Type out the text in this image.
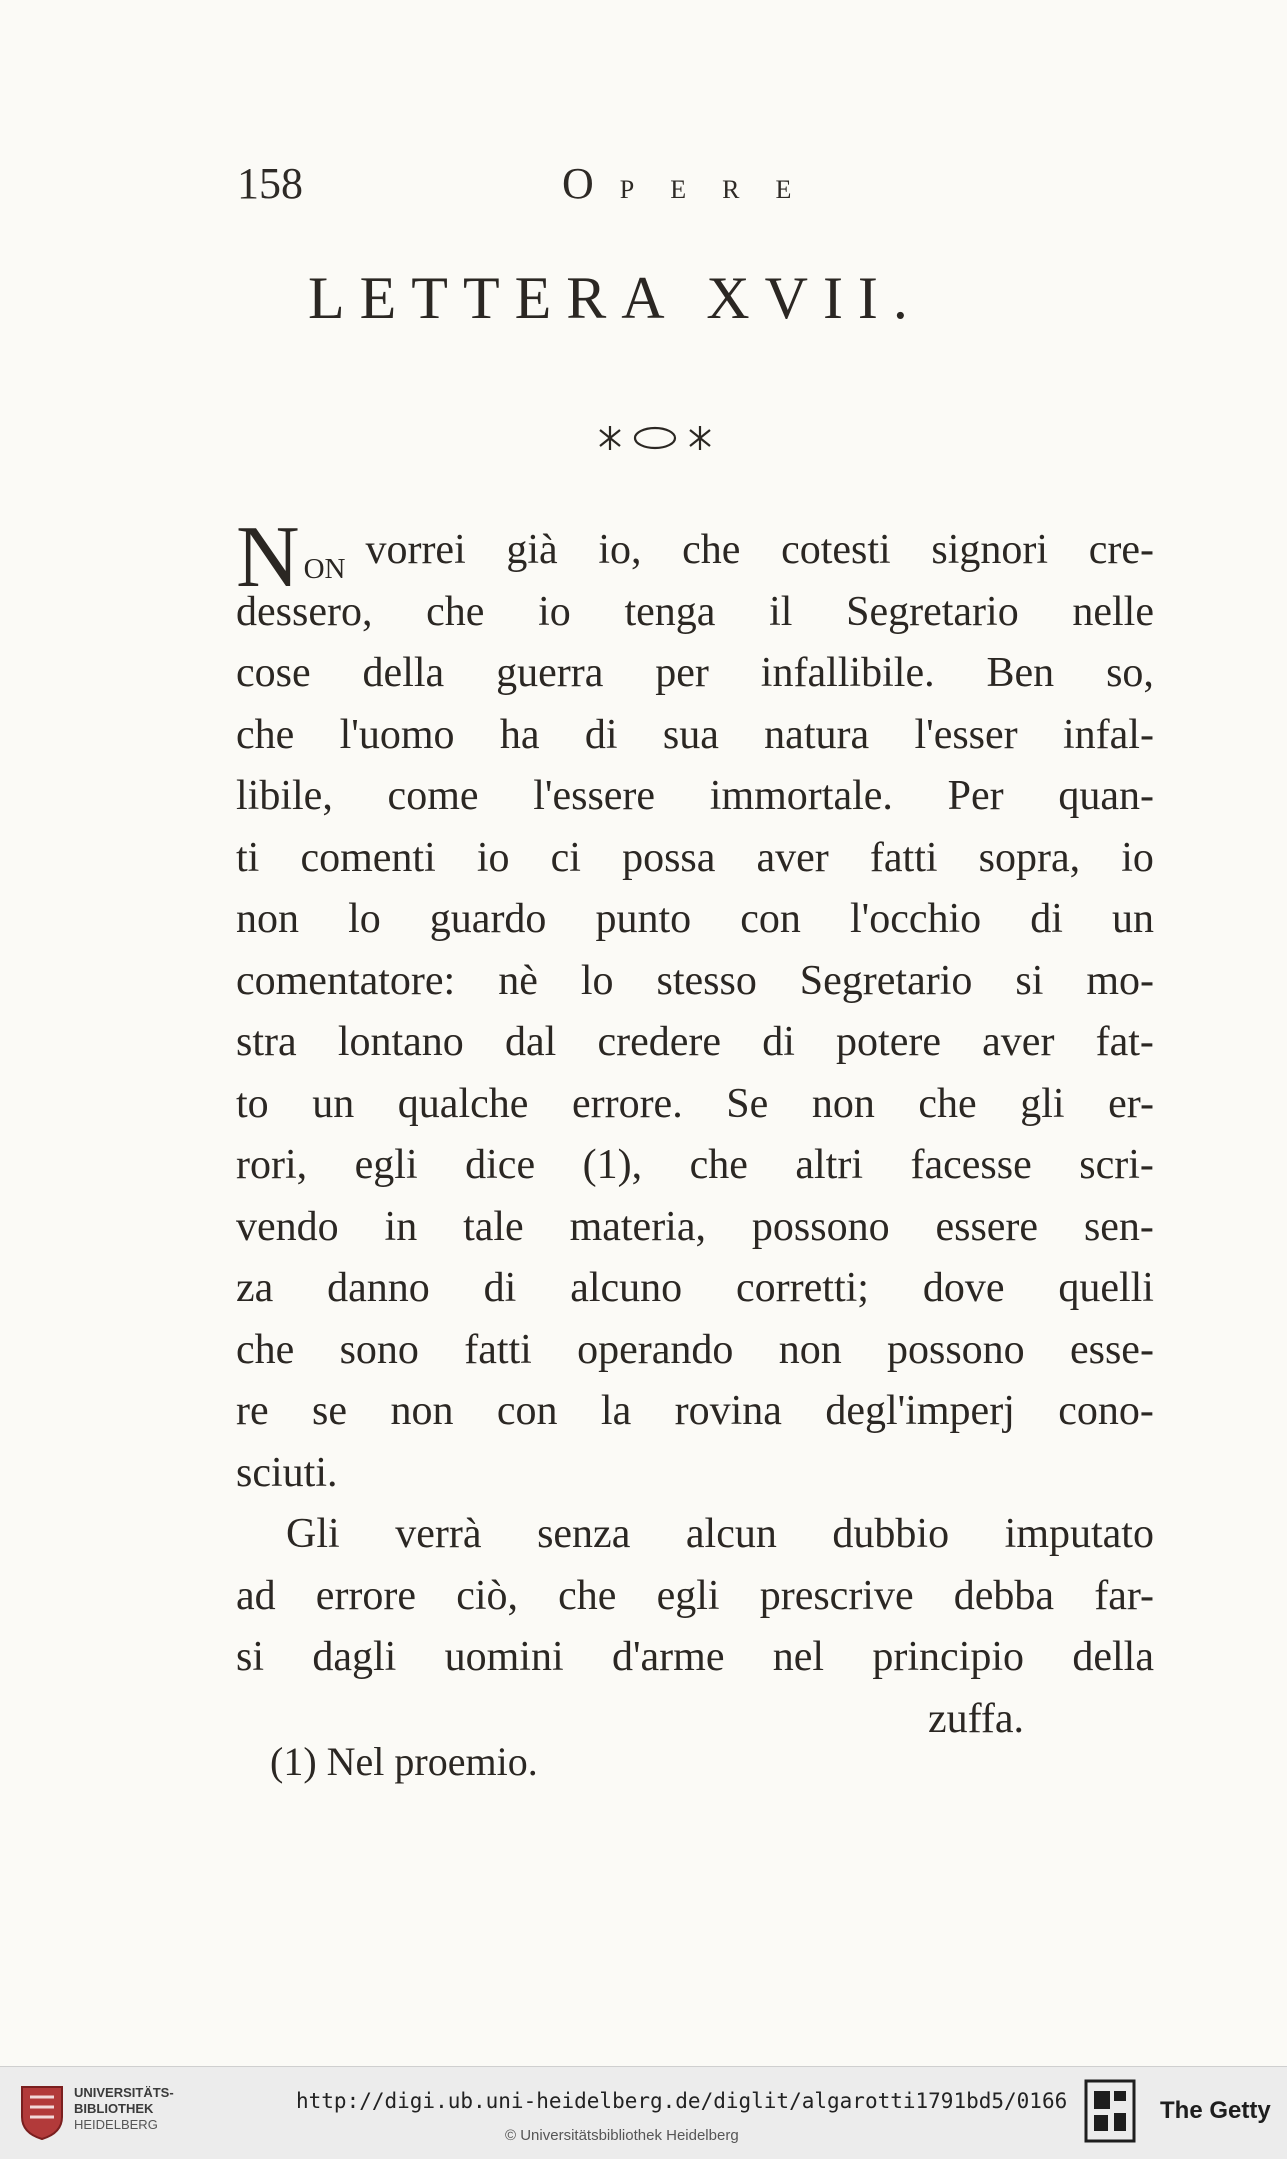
158	OPERE
LETTERA XVII.
N on vorrei già io, che cotesti signori cre-
dessero, che io tenga il Segretario nelle
cose della guerra per infallibile. Ben so,
che l'uomo ha di sua natura l'esser infal-
libile, come l'essere immortale. Per quan-
ti comenti io ci possa aver fatti sopra, io
non lo guardo punto con l'occhio di un
comentatore: nè lo stesso Segretario si mo-
stra lontano dal credere di potere aver fat-
to un qualche errore. Se non che gli er-
rori, egli dice (1), che altri facesse scri-
vendo in tale materia, possono essere sen-
za danno di alcuno corretti; dove quelli
che sono fatti operando non possono esse-
re se non con la rovina degl'imperj cono-
sciuti.
Gli verrà senza alcun dubbio imputato
ad errore ciò, che egli prescrive debba far-
si dagli uomini d'arme nel principio della
zuffa.
(1) Nel proemio.
UNIVERSITÄTS-
BIBLIOTHEK
HEIDELBERG
http://digi.ub.uni-heidelberg.de/diglit/algarotti1791bd5/0166
© Universitätsbibliothek Heidelberg
The Getty
